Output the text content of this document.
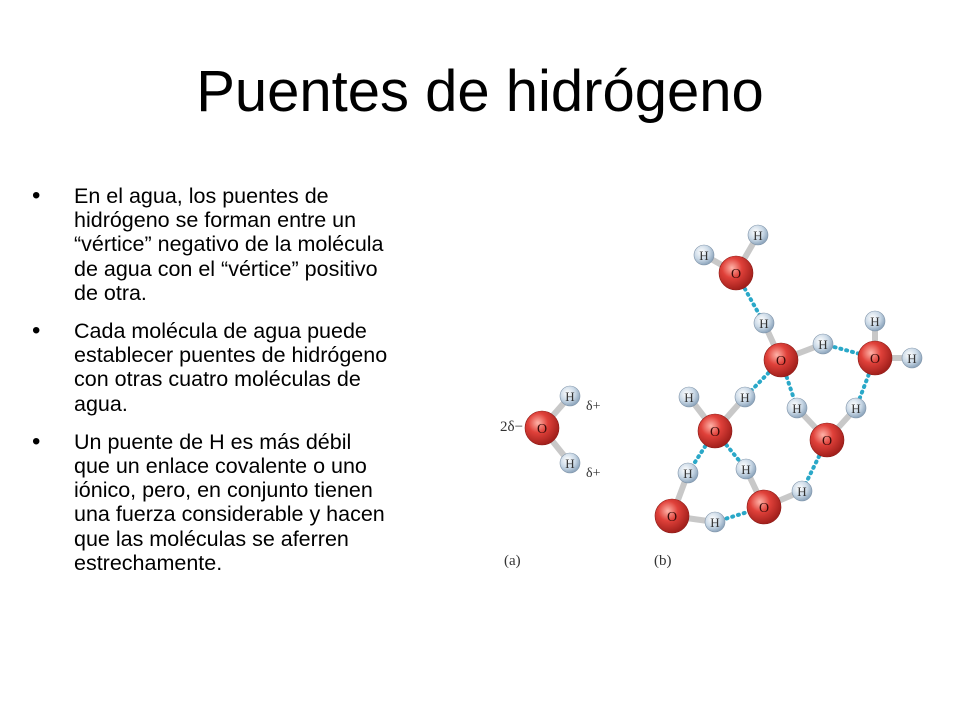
Puentes de hidrógeno
•	En el agua, los puentes de
hidrógeno se forman entre un
“vértice” negativo de la molécula
de agua con el “vértice” positivo
de otra.
•	Cada molécula de agua puede
establecer puentes de hidrógeno
con otras cuatro moléculas de
agua.
•	Un puente de H es más débil
que un enlace covalente o uno
iónico, pero, en conjunto tienen
una fuerza considerable y hacen
que las moléculas se aferren
estrechamente.
H
H
O
H
H
O
H
H
O
H
H
O
H	H
O
H	H
O
H
H
O
H
H
O
2δ−
δ+
δ+
(a)	(b)
